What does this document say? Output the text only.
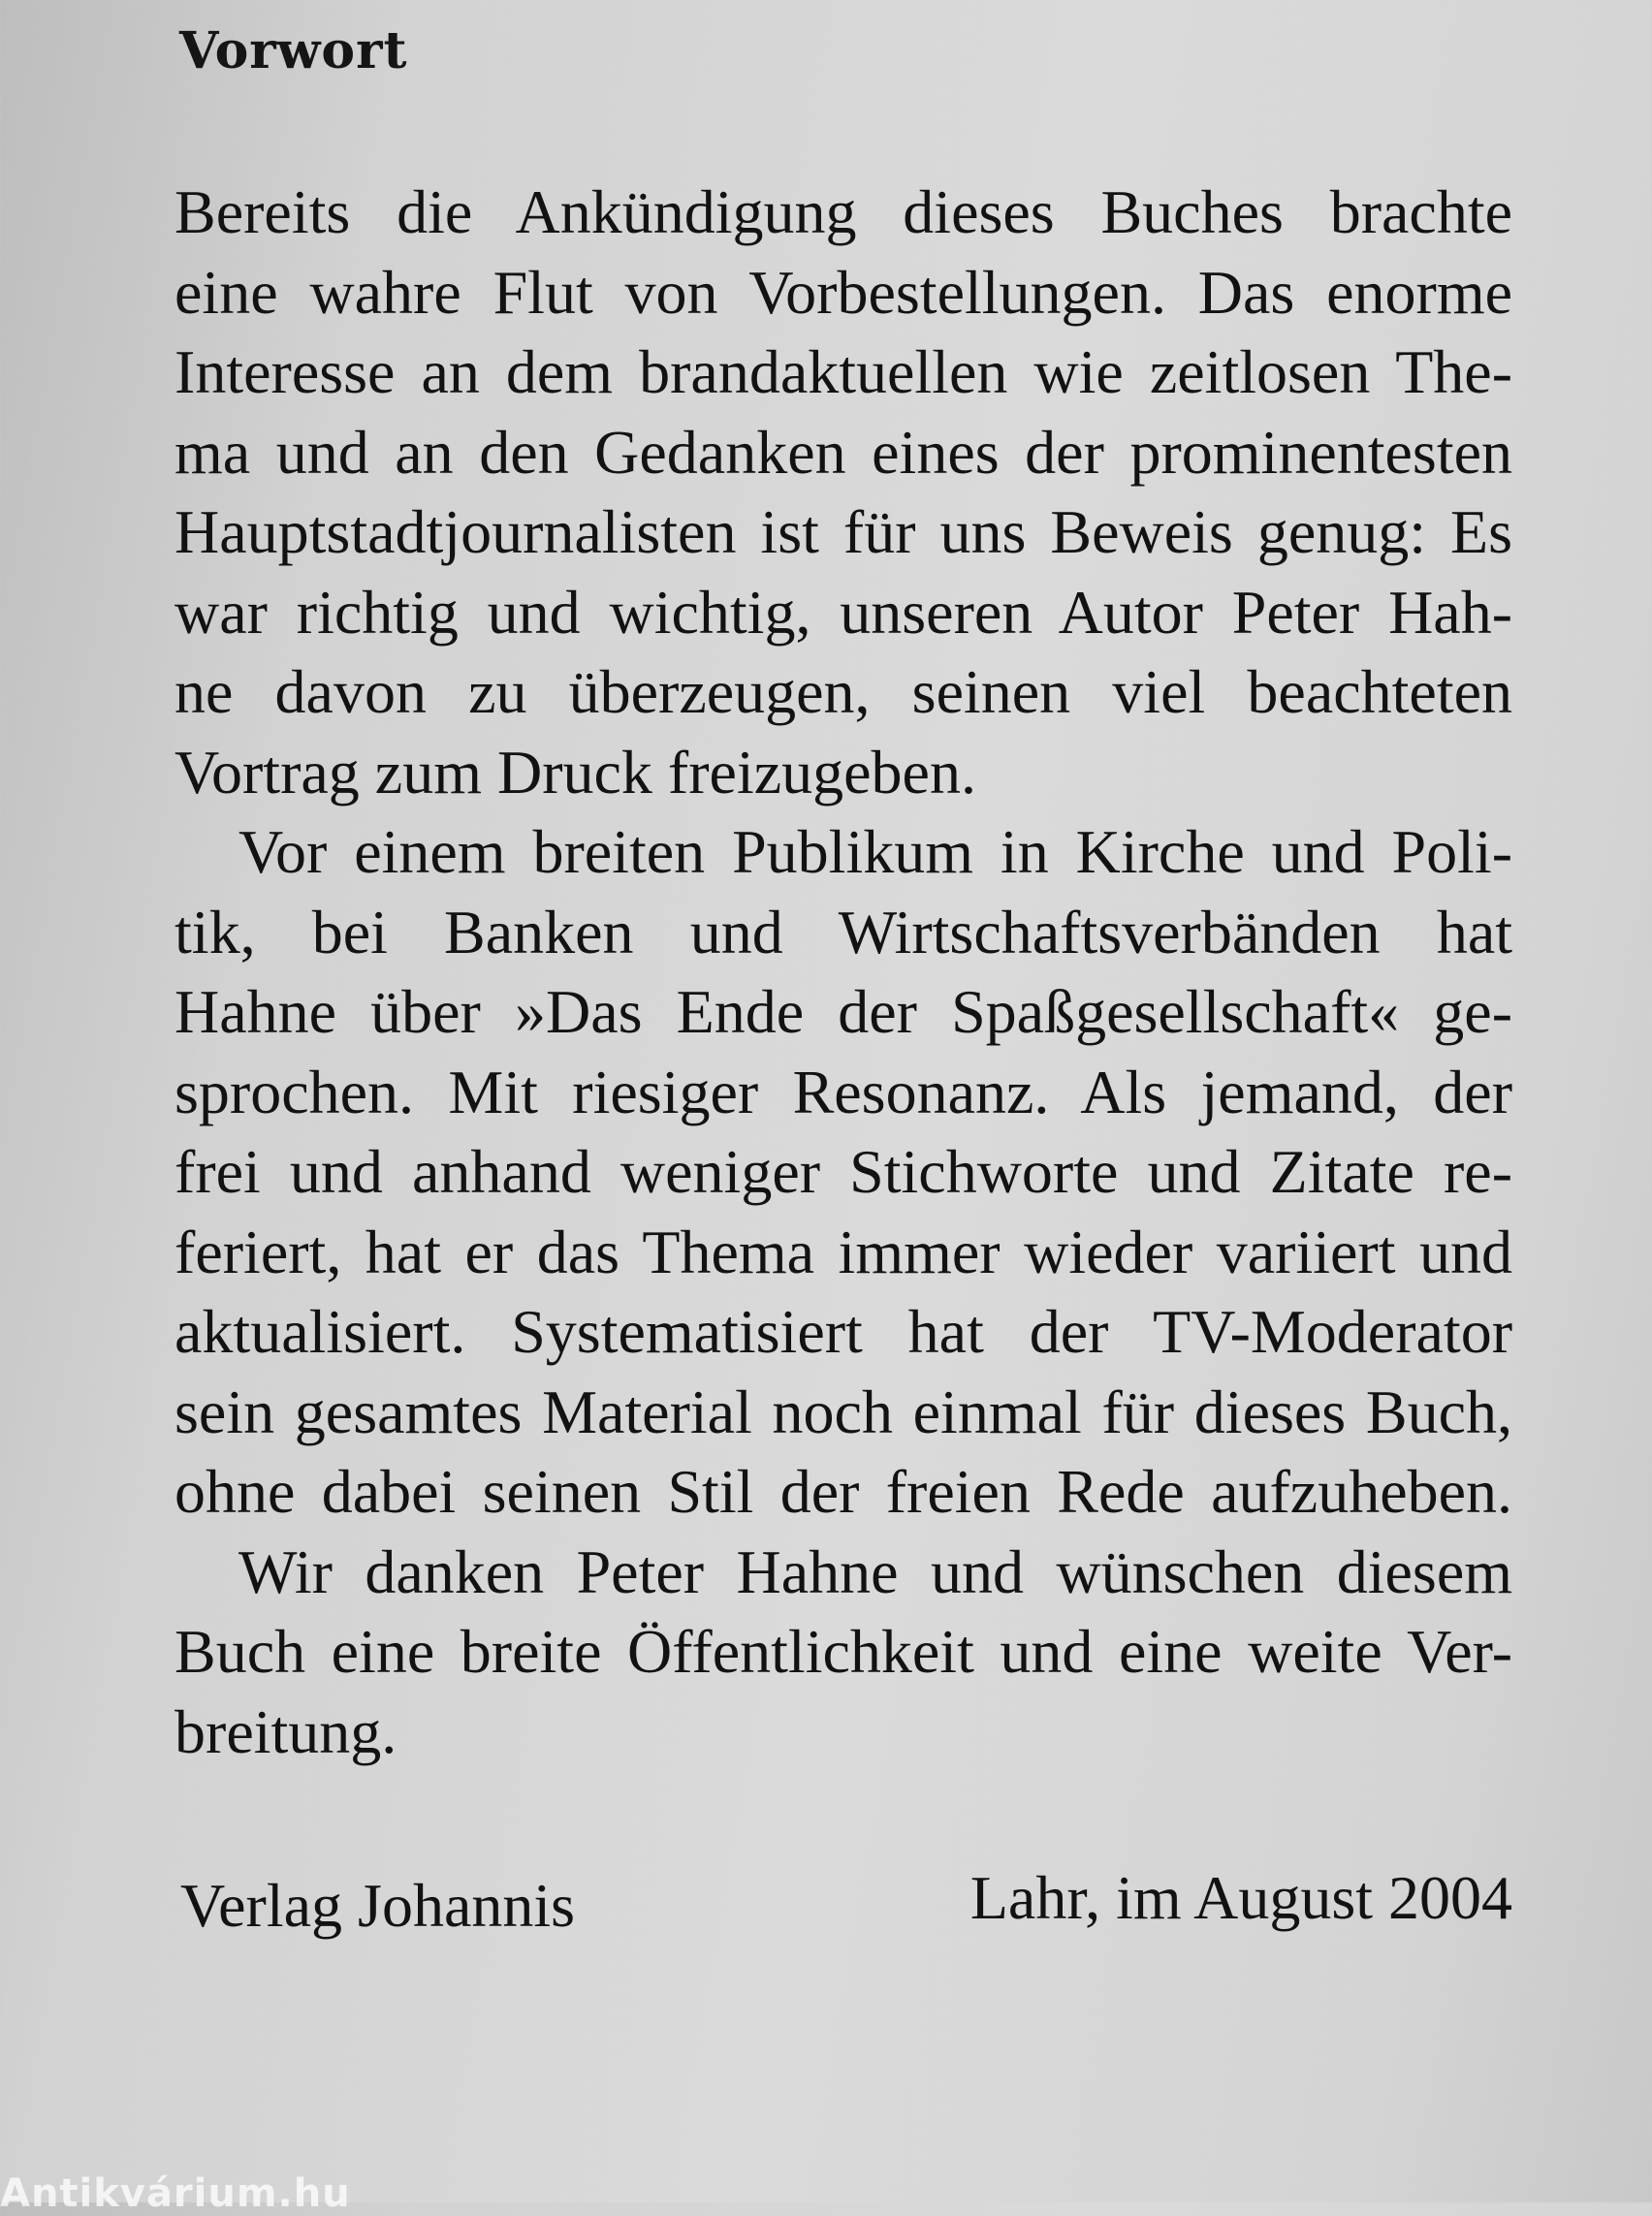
Vorwort
Bereits die Ankündigung dieses Buches brachte
eine wahre Flut von Vorbestellungen. Das enorme
Interesse an dem brandaktuellen wie zeitlosen The-
ma und an den Gedanken eines der prominentesten
Hauptstadtjournalisten ist für uns Beweis genug: Es
war richtig und wichtig, unseren Autor Peter Hah-
ne davon zu überzeugen, seinen viel beachteten
Vortrag zum Druck freizugeben.
Vor einem breiten Publikum in Kirche und Poli-
tik, bei Banken und Wirtschaftsverbänden hat
Hahne über »Das Ende der Spaßgesellschaft« ge-
sprochen. Mit riesiger Resonanz. Als jemand, der
frei und anhand weniger Stichworte und Zitate re-
feriert, hat er das Thema immer wieder variiert und
aktualisiert. Systematisiert hat der TV-Moderator
sein gesamtes Material noch einmal für dieses Buch,
ohne dabei seinen Stil der freien Rede aufzuheben.
Wir danken Peter Hahne und wünschen diesem
Buch eine breite Öffentlichkeit und eine weite Ver-
breitung.
Verlag Johannis	Lahr, im August 2004
Antikvárium.hu
